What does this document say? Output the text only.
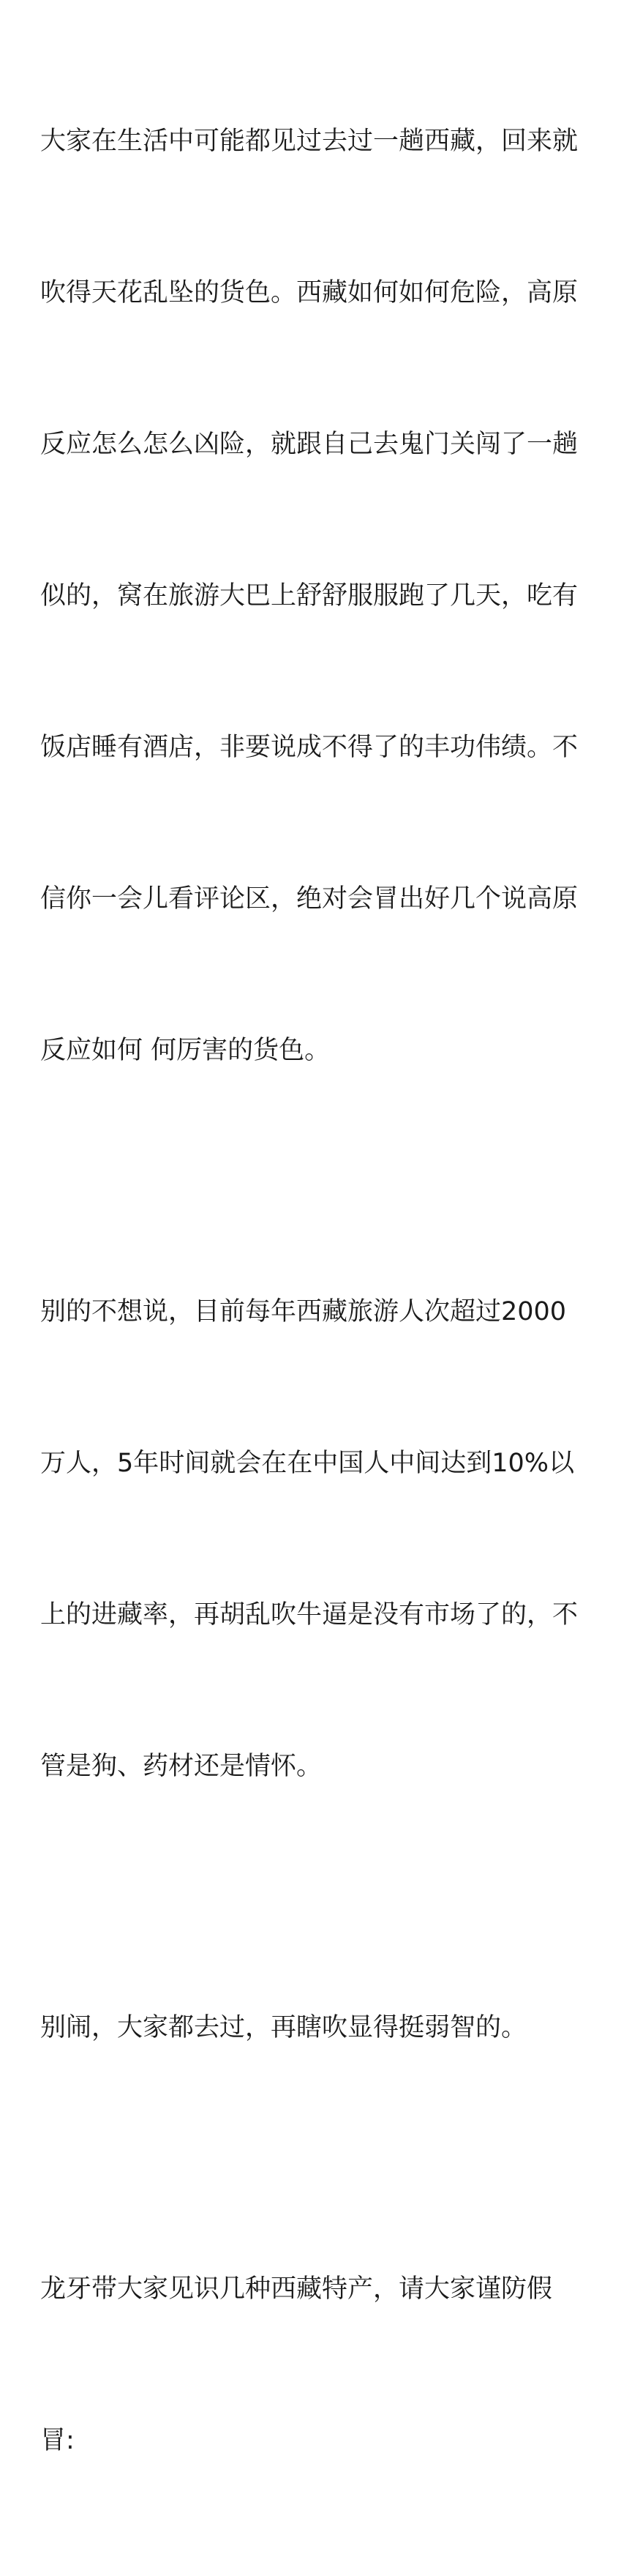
大家在生活中可能都见过去过一趟西藏，回来就

吹得天花乱坠的货色。西藏如何如何危险，高原

反应怎么怎么凶险，就跟自己去鬼门关闯了一趟

似的，窝在旅游大巴上舒舒服服跑了几天，吃有

饭店睡有酒店，非要说成不得了的丰功伟绩。不

信你一会儿看评论区，绝对会冒出好几个说高原

反应如何 何厉害的货色。

别的不想说，目前每年西藏旅游人次超过2000

万人，5年时间就会在在中国人中间达到10%以

上的进藏率，再胡乱吹牛逼是没有市场了的，不

管是狗、药材还是情怀。

别闹，大家都去过，再瞎吹显得挺弱智的。

龙牙带大家见识几种西藏特产，请大家谨防假

冒:
